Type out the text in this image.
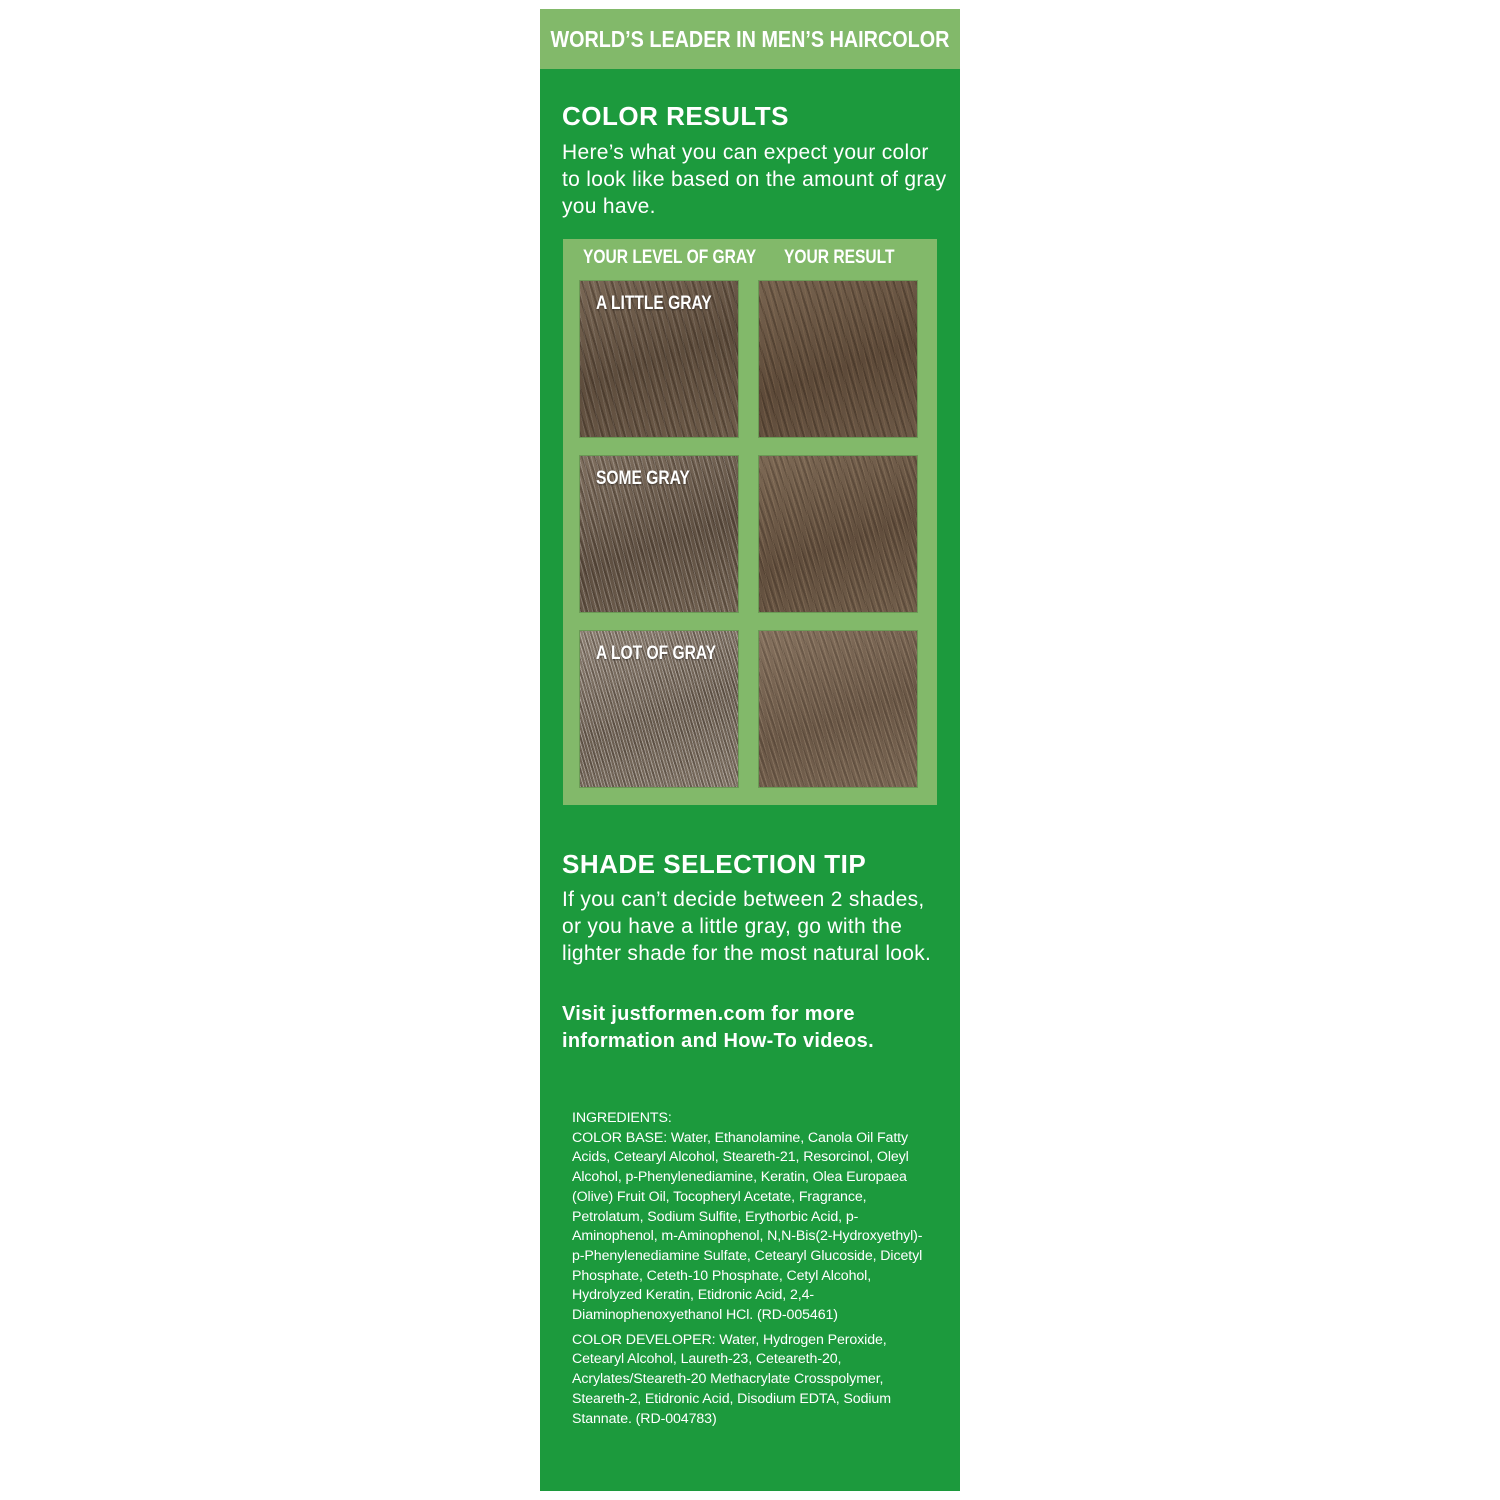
WORLD’S LEADER IN MEN’S HAIRCOLOR
COLOR RESULTS
Here’s what you can expect your color to look like based on the amount of gray you have.
YOUR LEVEL OF GRAY YOUR RESULT
A LITTLE GRAY
SOME GRAY
A LOT OF GRAY
SHADE SELECTION TIP
If you can’t decide between 2 shades, or you have a little gray, go with the lighter shade for the most natural look.
Visit justformen.com for more information and How-To videos.

INGREDIENTS:

COLOR BASE: Water, Ethanolamine, Canola Oil Fatty Acids, Cetearyl Alcohol, Steareth-21, Resorcinol, Oleyl Alcohol, p-Phenylenediamine, Keratin, Olea Europaea (Olive) Fruit Oil, Tocopheryl Acetate, Fragrance, Petrolatum, Sodium Sulfite, Erythorbic Acid, p-Aminophenol, m-Aminophenol, N,N-Bis(2-Hydroxyethyl)-p-Phenylenediamine Sulfate, Cetearyl Glucoside, Dicetyl Phosphate, Ceteth-10 Phosphate, Cetyl Alcohol, Hydrolyzed Keratin, Etidronic Acid, 2,4-Diaminophenoxyethanol HCl. (RD-005461)

COLOR DEVELOPER: Water, Hydrogen Peroxide, Cetearyl Alcohol, Laureth-23, Ceteareth-20, Acrylates/Steareth-20 Methacrylate Crosspolymer, Steareth-2, Etidronic Acid, Disodium EDTA, Sodium Stannate. (RD-004783)
